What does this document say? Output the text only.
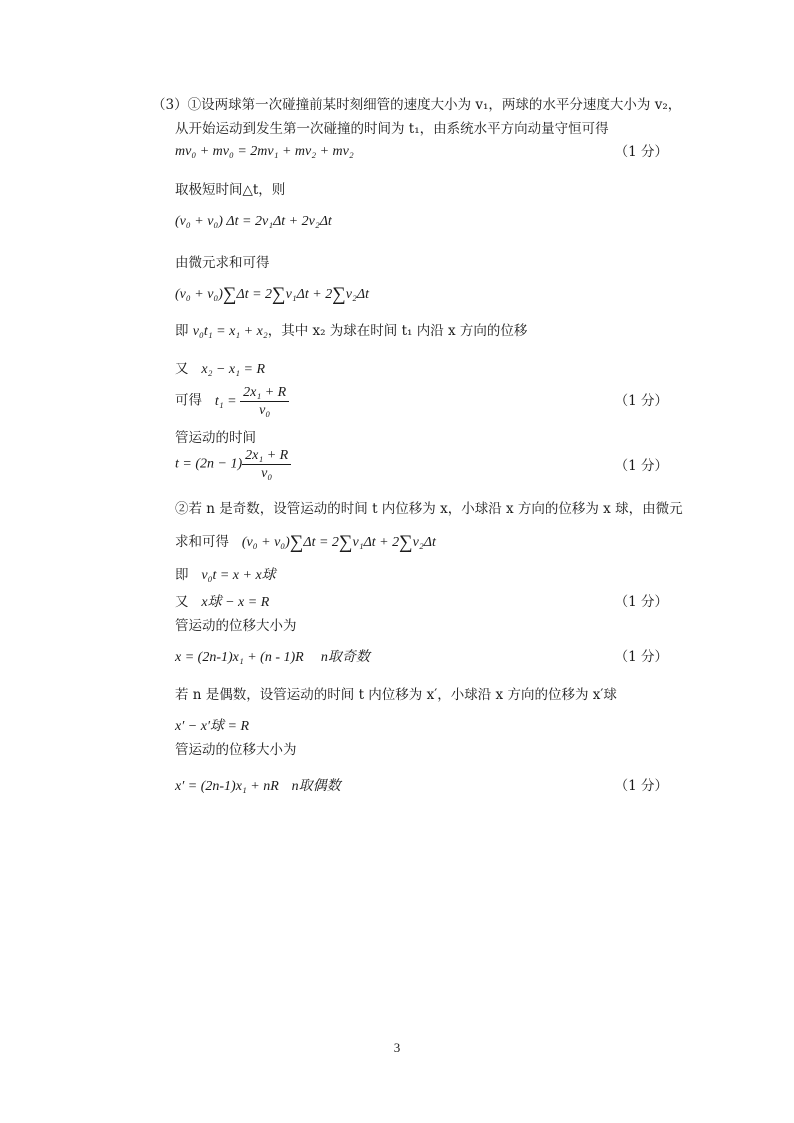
（3）①设两球第一次碰撞前某时刻细管的速度大小为 v₁，两球的水平分速度大小为 v₂，
从开始运动到发生第一次碰撞的时间为 t₁，由系统水平方向动量守恒可得
mv₀ + mv₀ = 2mv₁ + mv₂ + mv₂	（1 分）
取极短时间△t，则
(v₀ + v₀) Δt = 2v₁Δt + 2v₂Δt
由微元求和可得
(v₀ + v₀)∑Δt = 2∑v₁Δt + 2∑v₂Δt
即 v₀t₁ = x₁ + x₂，其中 x₂ 为球在时间 t₁ 内沿 x 方向的位移
又   x₂ − x₁ = R
可得   $t_1 = \frac{\text{2x₁ + R}}{\text{v₀}}$	（1 分）
管运动的时间
$t = (2n - 1) \frac{\text{2x₁ + R}}{\text{v₀}}$	（1 分）
②若 n 是奇数，设管运动的时间 t 内位移为 x，小球沿 x 方向的位移为 x 球，由微元
求和可得   (v₀ + v₀)∑Δt = 2∑v₁Δt + 2∑v₂Δt
即   v₀t = x + x球
又   x球 − x = R	（1 分）
管运动的位移大小为
x = (2n-1)x₁ + (n - 1)R n取奇数	（1 分）
若 n 是偶数，设管运动的时间 t 内位移为 x′，小球沿 x 方向的位移为 x′球
x′ − x′球 = R
管运动的位移大小为
x′ = (2n-1)x₁ + nR n取偶数	（1 分）
3
